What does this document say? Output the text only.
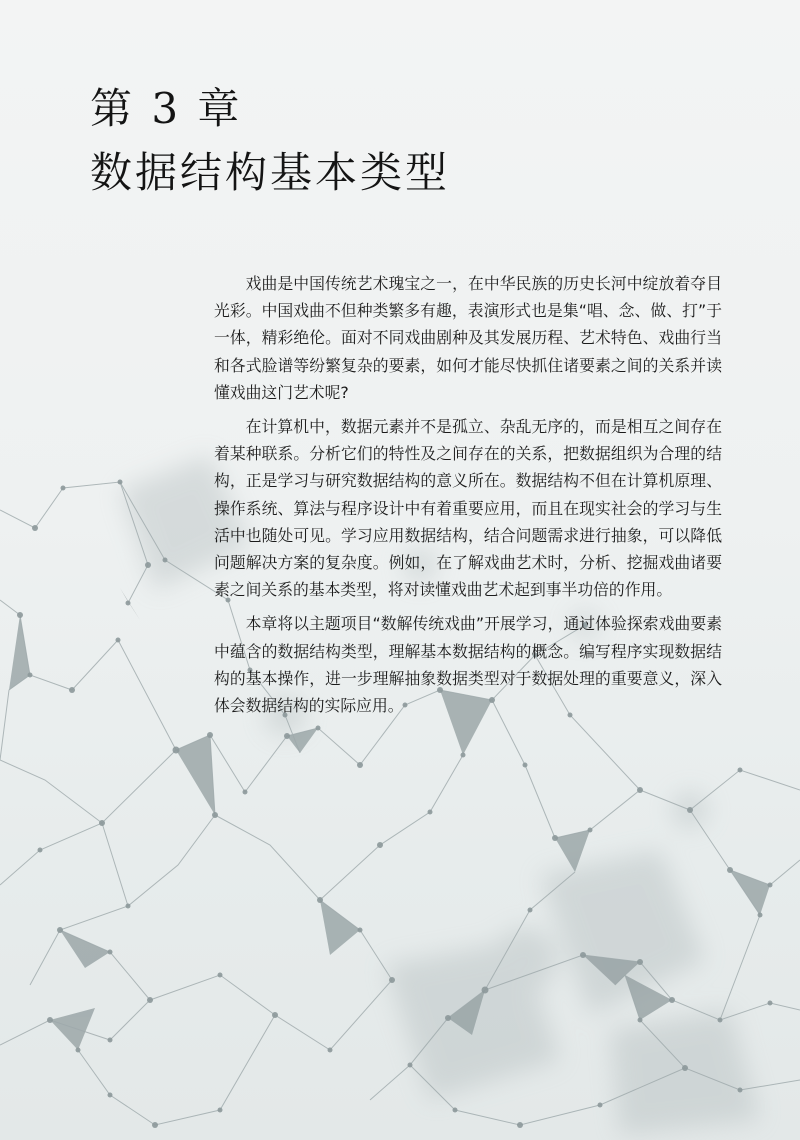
第 3 章
数据结构基本类型

戏曲是中国传统艺术瑰宝之一，在中华民族的历史长河中绽放着夺目光彩。中国戏曲不但种类繁多有趣，表演形式也是集“唱、念、做、打”于一体，精彩绝伦。面对不同戏曲剧种及其发展历程、艺术特色、戏曲行当和各式脸谱等纷繁复杂的要素，如何才能尽快抓住诸要素之间的关系并读懂戏曲这门艺术呢?

在计算机中，数据元素并不是孤立、杂乱无序的，而是相互之间存在着某种联系。分析它们的特性及之间存在的关系，把数据组织为合理的结构，正是学习与研究数据结构的意义所在。数据结构不但在计算机原理、操作系统、算法与程序设计中有着重要应用，而且在现实社会的学习与生活中也随处可见。学习应用数据结构，结合问题需求进行抽象，可以降低问题解决方案的复杂度。例如，在了解戏曲艺术时，分析、挖掘戏曲诸要素之间关系的基本类型，将对读懂戏曲艺术起到事半功倍的作用。

本章将以主题项目“数解传统戏曲”开展学习，通过体验探索戏曲要素中蕴含的数据结构类型，理解基本数据结构的概念。编写程序实现数据结构的基本操作，进一步理解抽象数据类型对于数据处理的重要意义，深入体会数据结构的实际应用。
